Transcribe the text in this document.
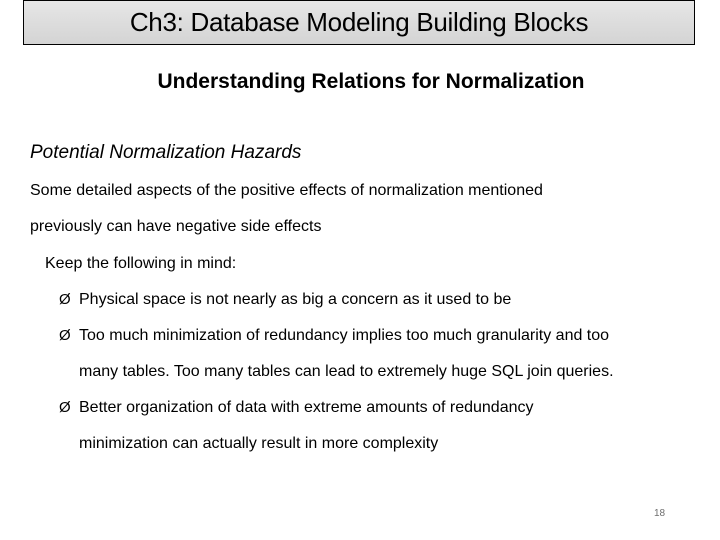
Ch3: Database Modeling Building Blocks
Understanding Relations for Normalization
Potential Normalization Hazards
Some detailed aspects of the positive effects of normalization mentioned
previously can have negative side effects
Keep the following in mind:
Ø Physical space is not nearly as big a concern as it used to be
Ø Too much minimization of redundancy implies too much granularity and too
many tables. Too many tables can lead to extremely huge SQL join queries.
Ø Better organization of data with extreme amounts of redundancy
minimization can actually result in more complexity
18
